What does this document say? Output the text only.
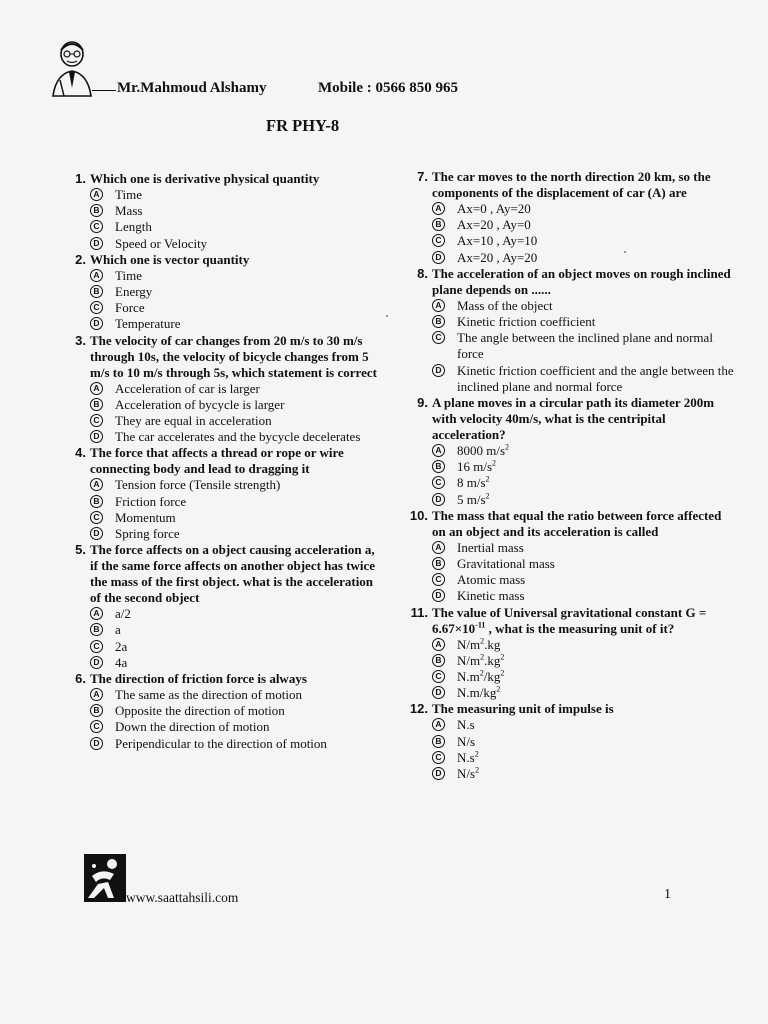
Mr.Mahmoud Alshamy	Mobile : 0566 850 965
FR PHY-8
1. Which one is derivative physical quantity
A Time
B Mass
C Length
D Speed or Velocity
2. Which one is vector quantity
A Time
B Energy
C Force
D Temperature
3. The velocity of car changes from 20 m/s to 30 m/s through 10s, the velocity of bicycle changes from 5 m/s to 10 m/s through 5s, which statement is correct
A Acceleration of car is larger
B Acceleration of bycycle is larger
C They are equal in acceleration
D The car accelerates and the bycycle decelerates
4. The force that affects a thread or rope or wire connecting body and lead to dragging it
A Tension force (Tensile strength)
B Friction force
C Momentum
D Spring force
5. The force affects on a object causing acceleration a, if the same force affects on another object has twice the mass of the first object. what is the acceleration of the second object
A a/2
B a
C 2a
D 4a
6. The direction of friction force is always
A The same as the direction of motion
B Opposite the direction of motion
C Down the direction of motion
D Peripendicular to the direction of motion
7. The car moves to the north direction 20 km, so the components of the displacement of car (A) are
A Ax=0 , Ay=20
B Ax=20 , Ay=0
C Ax=10 , Ay=10
D Ax=20 , Ay=20
8. The acceleration of an object moves on rough inclined plane depends on ......
A Mass of the object
B Kinetic friction coefficient
C The angle between the inclined plane and normal force
D Kinetic friction coefficient and the angle between the inclined plane and normal force
9. A plane moves in a circular path its diameter 200m with velocity 40m/s, what is the centripital acceleration?
A 8000 $m/s^2$
B 16 $m/s^2$
C 8 $m/s^2$
D 5 $m/s^2$
10. The mass that equal the ratio between force affected on an object and its acceleration is called
A Inertial mass
B Gravitational mass
C Atomic mass
D Kinetic mass
11. The value of Universal gravitational constant $G = 6.67\times 10^{-11}$ , what is the measuring unit of it?
A $N/m^2.kg$
B $N/m^2.kg^2$
C $N.m^2/kg^2$
D $N.m/kg^2$
12. The measuring unit of impulse is
A N.s
B N/s
C $N.s^2$
D $N/s^2$
www.saattahsili.com	1
